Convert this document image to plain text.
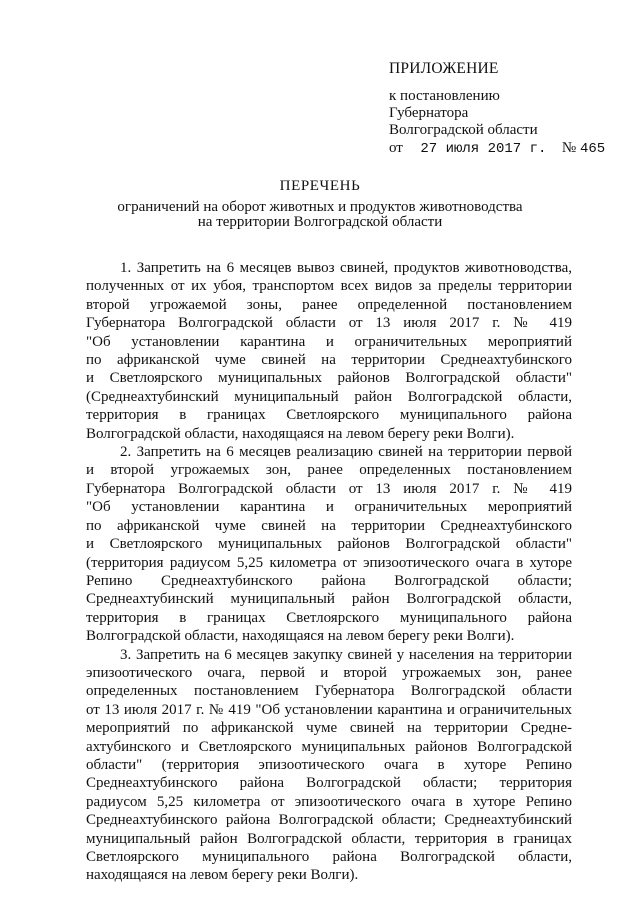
ПРИЛОЖЕНИЕ
к постановлению
Губернатора
Волгоградской области
от 27 июля 2017 г. № 465
ПЕРЕЧЕНЬ
ограничений на оборот животных и продуктов животноводства
на территории Волгоградской области
1. Запретить на 6 месяцев вывоз свиней, продуктов животноводства,
полученных от их убоя, транспортом всех видов за пределы территории
второй угрожаемой зоны, ранее определенной постановлением
Губернатора Волгоградской области от 13 июля 2017 г. № 419
"Об установлении карантина и ограничительных мероприятий
по африканской чуме свиней на территории Среднеахтубинского
и Светлоярского муниципальных районов Волгоградской области"
(Среднеахтубинский муниципальный район Волгоградской области,
территория в границах Светлоярского муниципального района
Волгоградской области, находящаяся на левом берегу реки Волги).
2. Запретить на 6 месяцев реализацию свиней на территории первой
и второй угрожаемых зон, ранее определенных постановлением
Губернатора Волгоградской области от 13 июля 2017 г. № 419
"Об установлении карантина и ограничительных мероприятий
по африканской чуме свиней на территории Среднеахтубинского
и Светлоярского муниципальных районов Волгоградской области"
(территория радиусом 5,25 километра от эпизоотического очага в хуторе
Репино Среднеахтубинского района Волгоградской области;
Среднеахтубинский муниципальный район Волгоградской области,
территория в границах Светлоярского муниципального района
Волгоградской области, находящаяся на левом берегу реки Волги).
3. Запретить на 6 месяцев закупку свиней у населения на территории
эпизоотического очага, первой и второй угрожаемых зон, ранее
определенных постановлением Губернатора Волгоградской области
от 13 июля 2017 г. № 419 "Об установлении карантина и ограничительных
мероприятий по африканской чуме свиней на территории Средне-
ахтубинского и Светлоярского муниципальных районов Волгоградской
области" (территория эпизоотического очага в хуторе Репино
Среднеахтубинского района Волгоградской области; территория
радиусом 5,25 километра от эпизоотического очага в хуторе Репино
Среднеахтубинского района Волгоградской области; Среднеахтубинский
муниципальный район Волгоградской области, территория в границах
Светлоярского муниципального района Волгоградской области,
находящаяся на левом берегу реки Волги).
